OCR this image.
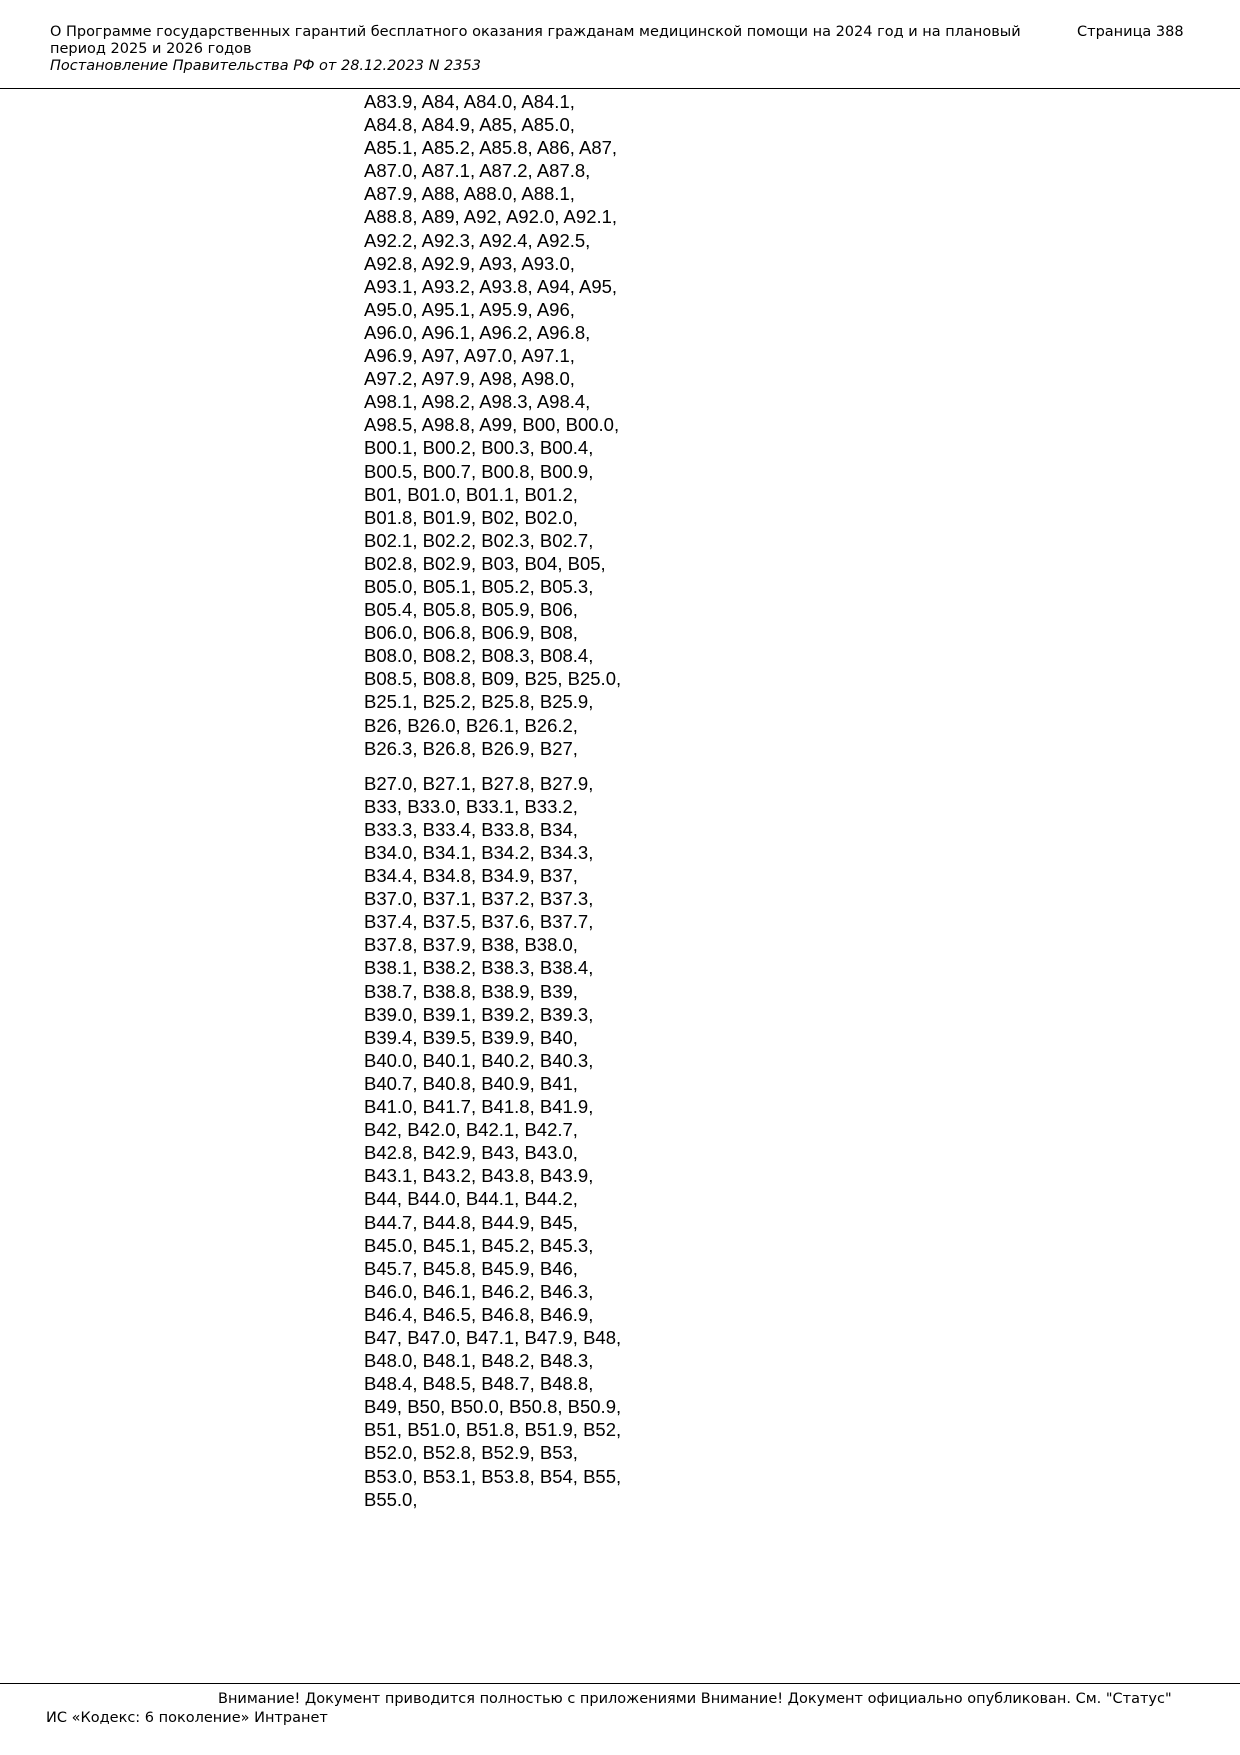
О Программе государственных гарантий бесплатного оказания гражданам медицинской помощи на 2024 год и на плановый период 2025 и 2026 годов
Постановление Правительства РФ от 28.12.2023 N 2353
Страница 388
A83.9, A84, A84.0, A84.1,
A84.8, A84.9, A85, A85.0,
A85.1, A85.2, A85.8, A86, A87,
A87.0, A87.1, A87.2, A87.8,
A87.9, A88, A88.0, A88.1,
A88.8, A89, A92, A92.0, A92.1,
A92.2, A92.3, A92.4, A92.5,
A92.8, A92.9, A93, A93.0,
A93.1, A93.2, A93.8, A94, A95,
A95.0, A95.1, A95.9, A96,
A96.0, A96.1, A96.2, A96.8,
A96.9, A97, A97.0, A97.1,
A97.2, A97.9, A98, A98.0,
A98.1, A98.2, A98.3, A98.4,
A98.5, A98.8, A99, B00, B00.0,
B00.1, B00.2, B00.3, B00.4,
B00.5, B00.7, B00.8, B00.9,
B01, B01.0, B01.1, B01.2,
B01.8, B01.9, B02, B02.0,
B02.1, B02.2, B02.3, B02.7,
B02.8, B02.9, B03, B04, B05,
B05.0, B05.1, B05.2, B05.3,
B05.4, B05.8, B05.9, B06,
B06.0, B06.8, B06.9, B08,
B08.0, B08.2, B08.3, B08.4,
B08.5, B08.8, B09, B25, B25.0,
B25.1, B25.2, B25.8, B25.9,
B26, B26.0, B26.1, B26.2,
B26.3, B26.8, B26.9, B27,
B27.0, B27.1, B27.8, B27.9,
B33, B33.0, B33.1, B33.2,
B33.3, B33.4, B33.8, B34,
B34.0, B34.1, B34.2, B34.3,
B34.4, B34.8, B34.9, B37,
B37.0, B37.1, B37.2, B37.3,
B37.4, B37.5, B37.6, B37.7,
B37.8, B37.9, B38, B38.0,
B38.1, B38.2, B38.3, B38.4,
B38.7, B38.8, B38.9, B39,
B39.0, B39.1, B39.2, B39.3,
B39.4, B39.5, B39.9, B40,
B40.0, B40.1, B40.2, B40.3,
B40.7, B40.8, B40.9, B41,
B41.0, B41.7, B41.8, B41.9,
B42, B42.0, B42.1, B42.7,
B42.8, B42.9, B43, B43.0,
B43.1, B43.2, B43.8, B43.9,
B44, B44.0, B44.1, B44.2,
B44.7, B44.8, B44.9, B45,
B45.0, B45.1, B45.2, B45.3,
B45.7, B45.8, B45.9, B46,
B46.0, B46.1, B46.2, B46.3,
B46.4, B46.5, B46.8, B46.9,
B47, B47.0, B47.1, B47.9, B48,
B48.0, B48.1, B48.2, B48.3,
B48.4, B48.5, B48.7, B48.8,
B49, B50, B50.0, B50.8, B50.9,
B51, B51.0, B51.8, B51.9, B52,
B52.0, B52.8, B52.9, B53,
B53.0, B53.1, B53.8, B54, B55,
B55.0,
Внимание! Документ приводится полностью с приложениями Внимание! Документ официально опубликован. См. "Статус"
ИС «Кодекс: 6 поколение» Интранет
